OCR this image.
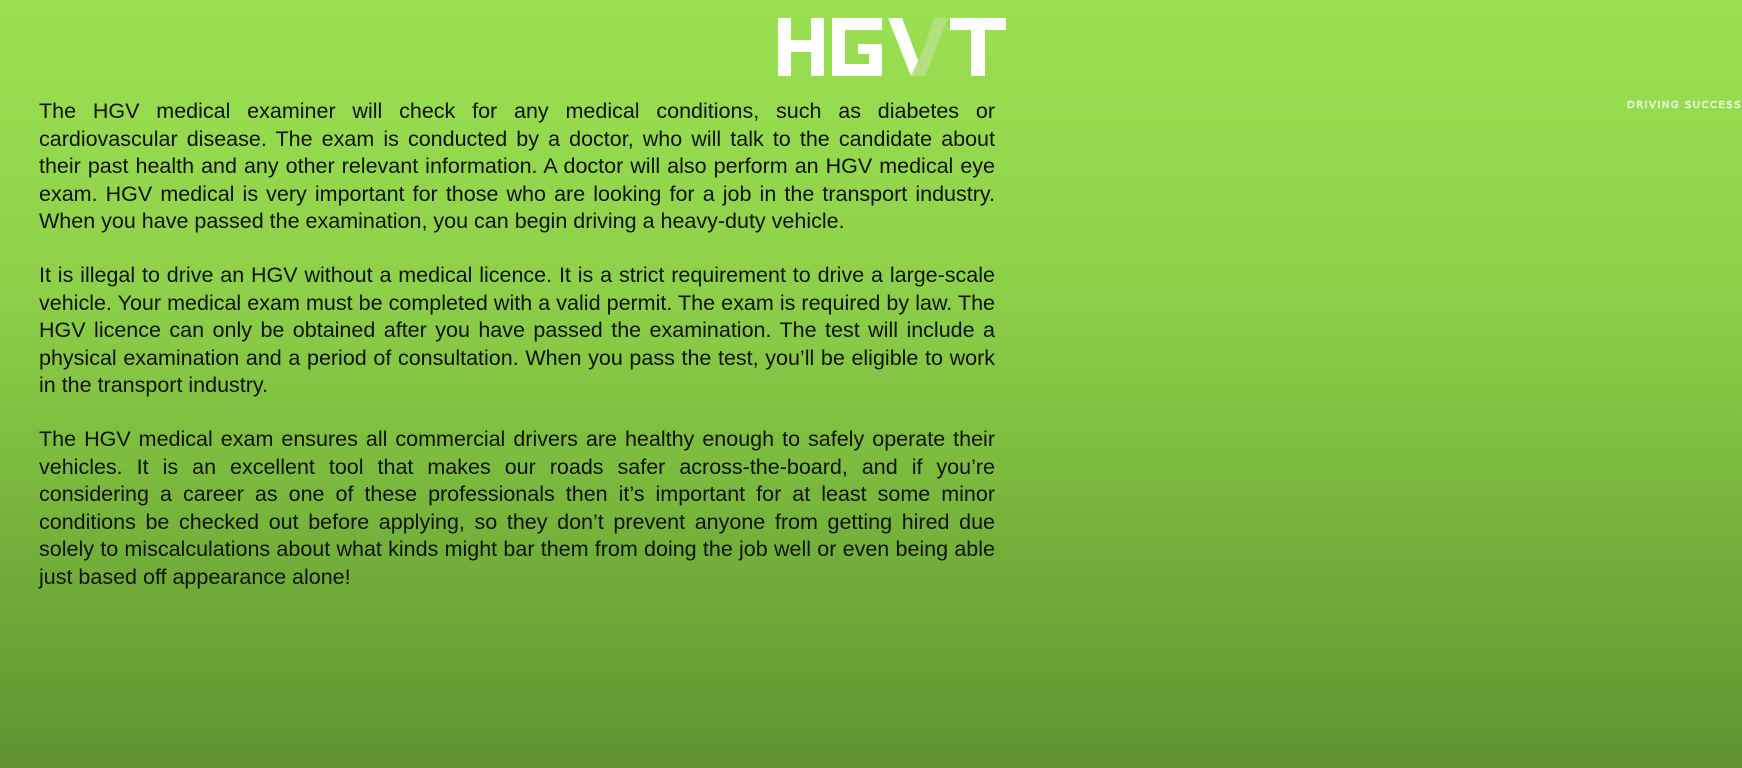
DRIVING SUCCESS

The HGV medical examiner will check for any medical conditions, such as diabetes or cardiovascular disease. The exam is conducted by a doctor, who will talk to the candidate about their past health and any other relevant information. A doctor will also perform an HGV medical eye exam. HGV medical is very important for those who are looking for a job in the transport industry. When you have passed the examination, you can begin driving a heavy-duty vehicle.

It is illegal to drive an HGV without a medical licence. It is a strict requirement to drive a large-scale vehicle. Your medical exam must be completed with a valid permit. The exam is required by law. The HGV licence can only be obtained after you have passed the examination. The test will include a physical examination and a period of consultation. When you pass the test, you’ll be eligible to work in the transport industry.

The HGV medical exam ensures all commercial drivers are healthy enough to safely operate their vehicles. It is an excellent tool that makes our roads safer across-the-board, and if you’re considering a career as one of these professionals then it’s important for at least some minor conditions be checked out before applying, so they don’t prevent anyone from getting hired due solely to miscalculations about what kinds might bar them from doing the job well or even being able just based off appearance alone!
